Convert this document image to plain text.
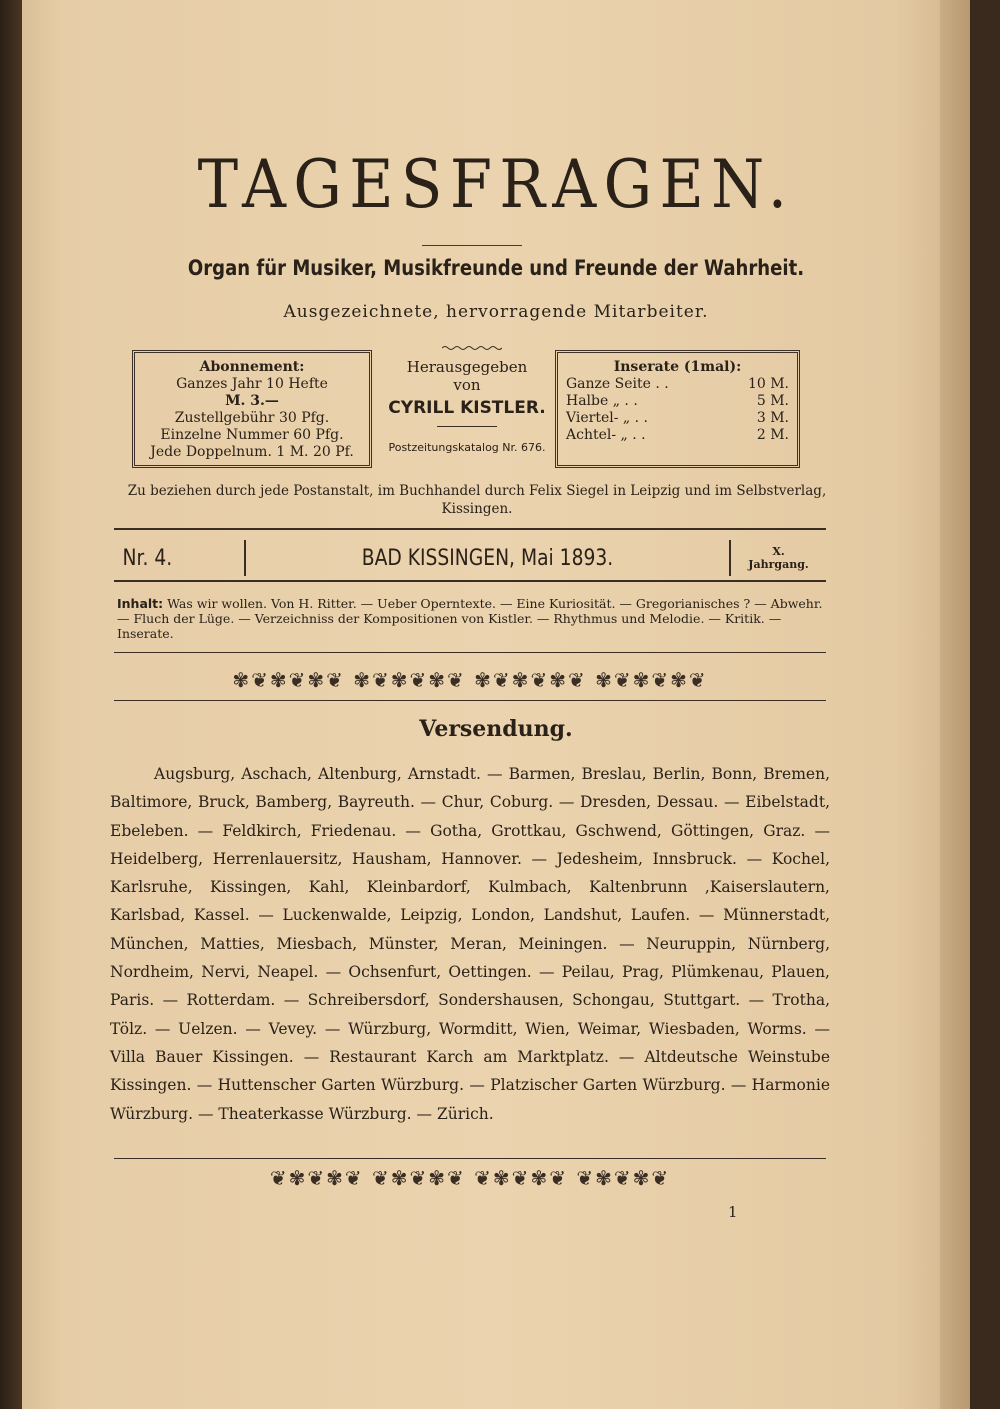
TAGESFRAGEN.
Organ für Musiker, Musikfreunde und Freunde der Wahrheit.
Ausgezeichnete, hervorragende Mitarbeiter.
Abonnement:
Ganzes Jahr 10 Hefte
M. 3.—
Zustellgebühr 30 Pfg.
Einzelne Nummer 60 Pfg.
Jede Doppelnum. 1 M. 20 Pf.
Herausgegeben
von
CYRILL KISTLER.
Postzeitungskatalog Nr. 676.
Inserate (1mal):
Ganze Seite . .	10 M.
Halbe „ . .	5 M.
Viertel- „ . .	3 M.
Achtel- „ . .	2 M.
Zu beziehen durch jede Postanstalt, im Buchhandel durch Felix Siegel in Leipzig und im Selbstverlag, Kissingen.
Nr. 4.	BAD KISSINGEN, Mai 1893.	X.
Jahrgang.
Inhalt: Was wir wollen. Von H. Ritter. — Ueber Operntexte. — Eine Kuriosität. — Gregorianisches ? — Abwehr. — Fluch der Lüge. — Verzeichniss der Kompositionen von Kistler. — Rhythmus und Melodie. — Kritik. — Inserate.
✾❦✾❦✾❦ ✾❦✾❦✾❦ ✾❦✾❦✾❦ ✾❦✾❦✾❦
Versendung.
Augsburg, Aschach, Altenburg, Arnstadt. — Barmen, Breslau, Berlin, Bonn, Bremen, Baltimore, Bruck, Bamberg, Bayreuth. — Chur, Coburg. — Dresden, Dessau. — Eibelstadt, Ebeleben. — Feldkirch, Friedenau. — Gotha, Grottkau, Gschwend, Göttingen, Graz. — Heidelberg, Herrenlauersitz, Hausham, Hannover. — Jedesheim, Innsbruck. — Kochel, Karlsruhe, Kissingen, Kahl, Kleinbardorf, Kulmbach, Kaltenbrunn ,Kaiserslautern, Karlsbad, Kassel. — Luckenwalde, Leipzig, London, Landshut, Laufen. — Münnerstadt, München, Matties, Miesbach, Münster, Meran, Meiningen. — Neuruppin, Nürnberg, Nordheim, Nervi, Neapel. — Ochsenfurt, Oettingen. — Peilau, Prag, Plümkenau, Plauen, Paris. — Rotterdam. — Schreibersdorf, Sondershausen, Schongau, Stuttgart. — Trotha, Tölz. — Uelzen. — Vevey. — Würzburg, Wormditt, Wien, Weimar, Wiesbaden, Worms. — Villa Bauer Kissingen. — Restaurant Karch am Marktplatz. — Altdeutsche Weinstube Kissingen. — Huttenscher Garten Würzburg. — Platzischer Garten Würzburg. — Harmonie Würzburg. — Theaterkasse Würzburg. — Zürich.
❦✾❦✾❦ ❦✾❦✾❦ ❦✾❦✾❦ ❦✾❦✾❦
1
